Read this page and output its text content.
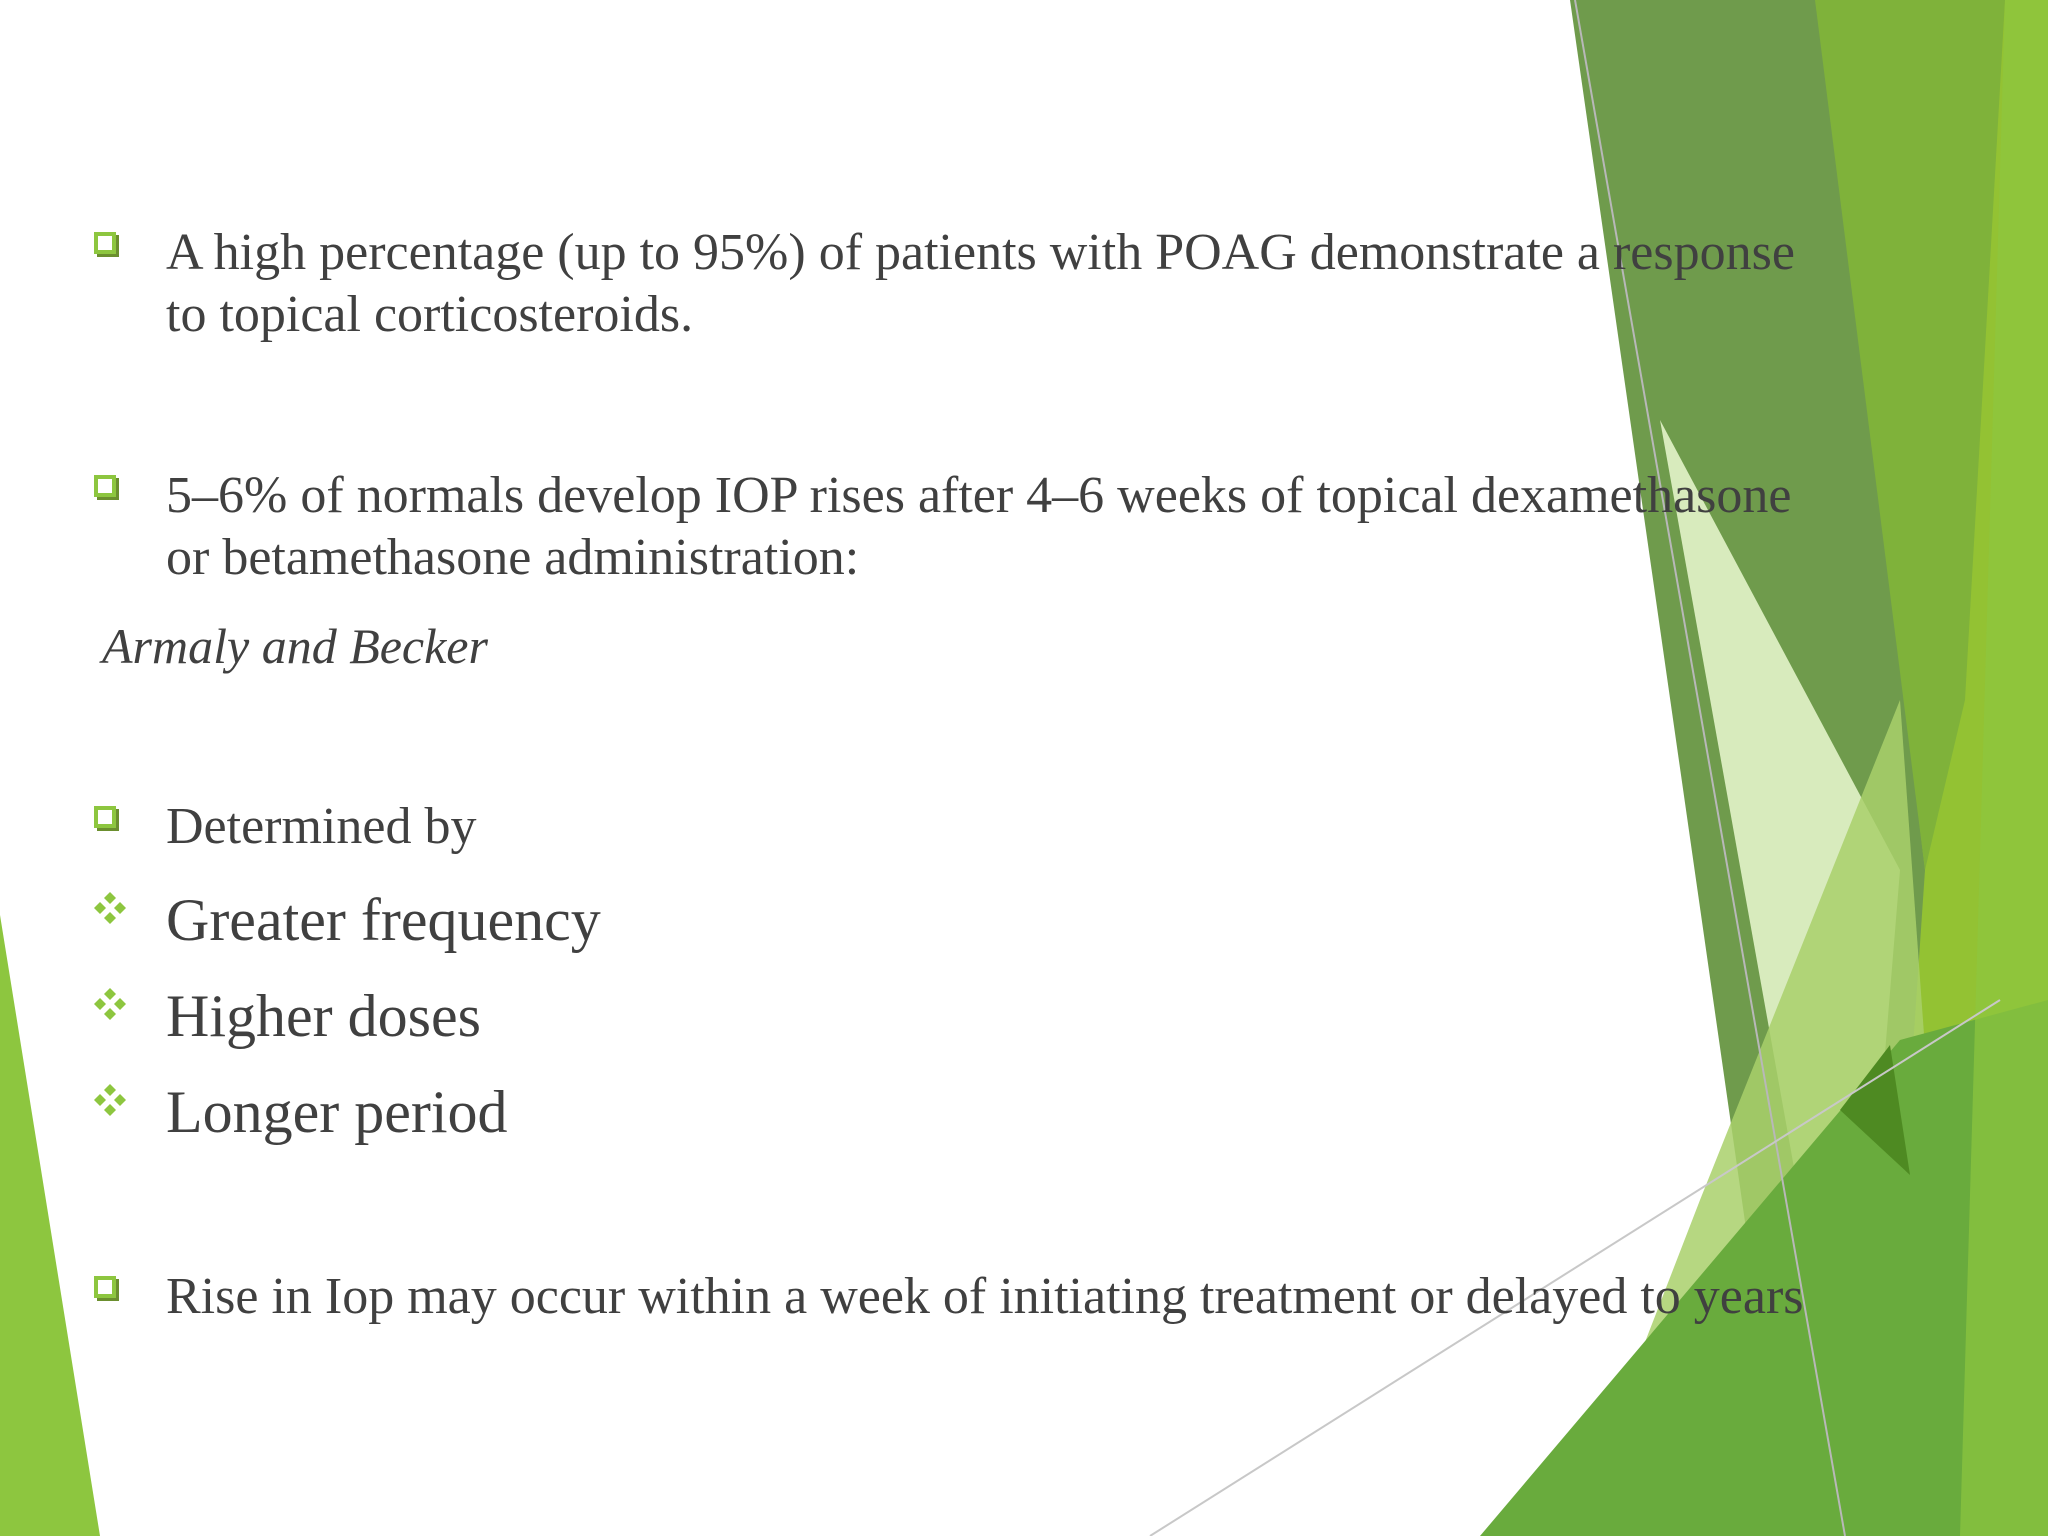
A high percentage (up to 95%) of patients with POAG demonstrate a response
to topical corticosteroids.
5–6% of normals develop IOP rises after 4–6 weeks of topical dexamethasone
or betamethasone administration:
Armaly and Becker
Determined by
Greater frequency
Higher doses
Longer period
Rise in Iop may occur within a week of initiating treatment or delayed to years
